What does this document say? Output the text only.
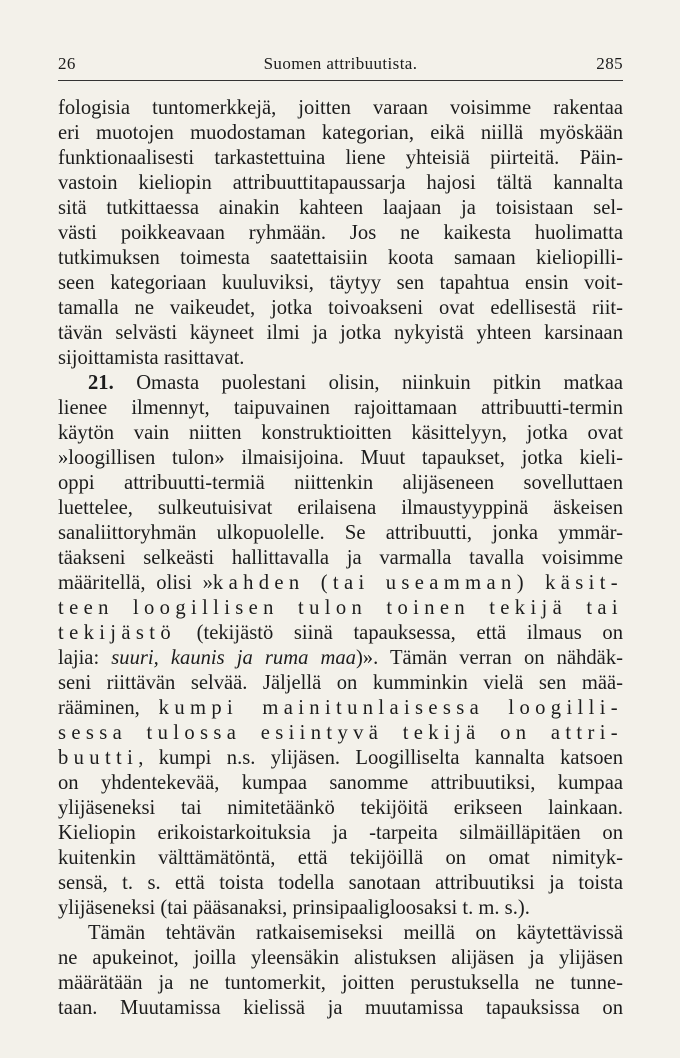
26	Suomen attribuutista.	285
fologisia tuntomerkkejä, joitten varaan voisimme rakentaa
eri muotojen muodostaman kategorian, eikä niillä myöskään
funktionaalisesti tarkastettuina liene yhteisiä piirteitä. Päin-
vastoin kieliopin attribuuttitapaussarja hajosi tältä kannalta
sitä tutkittaessa ainakin kahteen laajaan ja toisistaan sel-
västi poikkeavaan ryhmään. Jos ne kaikesta huolimatta
tutkimuksen toimesta saatettaisiin koota samaan kieliopilli-
seen kategoriaan kuuluviksi, täytyy sen tapahtua ensin voit-
tamalla ne vaikeudet, jotka toivoakseni ovat edellisestä riit-
tävän selvästi käyneet ilmi ja jotka nykyistä yhteen karsinaan
sijoittamista rasittavat.
21. Omasta puolestani olisin, niinkuin pitkin matkaa
lienee ilmennyt, taipuvainen rajoittamaan attribuutti-termin
käytön vain niitten konstruktioitten käsittelyyn, jotka ovat
»loogillisen tulon» ilmaisijoina. Muut tapaukset, jotka kieli-
oppi attribuutti-termiä niittenkin alijäseneen sovelluttaen
luettelee, sulkeutuisivat erilaisena ilmaustyyppinä äskeisen
sanaliittoryhmän ulkopuolelle. Se attribuutti, jonka ymmär-
täakseni selkeästi hallittavalla ja varmalla tavalla voisimme
määritellä, olisi »kahden (tai useamman) käsit-
teen loogillisen tulon toinen tekijä tai
tekijästö (tekijästö siinä tapauksessa, että ilmaus on
lajia: suuri, kaunis ja ruma maa)». Tämän verran on nähdäk-
seni riittävän selvää. Jäljellä on kumminkin vielä sen mää-
rääminen, kumpi mainitunlaisessa loogilli-
sessa tulossa esiintyvä tekijä on attri-
buutti, kumpi n.s. ylijäsen. Loogilliselta kannalta katsoen
on yhdentekevää, kumpaa sanomme attribuutiksi, kumpaa
ylijäseneksi tai nimitetäänkö tekijöitä erikseen lainkaan.
Kieliopin erikoistarkoituksia ja -tarpeita silmäilläpitäen on
kuitenkin välttämätöntä, että tekijöillä on omat nimityk-
sensä, t. s. että toista todella sanotaan attribuutiksi ja toista
ylijäseneksi (tai pääsanaksi, prinsipaaligloosaksi t. m. s.).
Tämän tehtävän ratkaisemiseksi meillä on käytettävissä
ne apukeinot, joilla yleensäkin alistuksen alijäsen ja ylijäsen
määrätään ja ne tuntomerkit, joitten perustuksella ne tunne-
taan. Muutamissa kielissä ja muutamissa tapauksissa on
